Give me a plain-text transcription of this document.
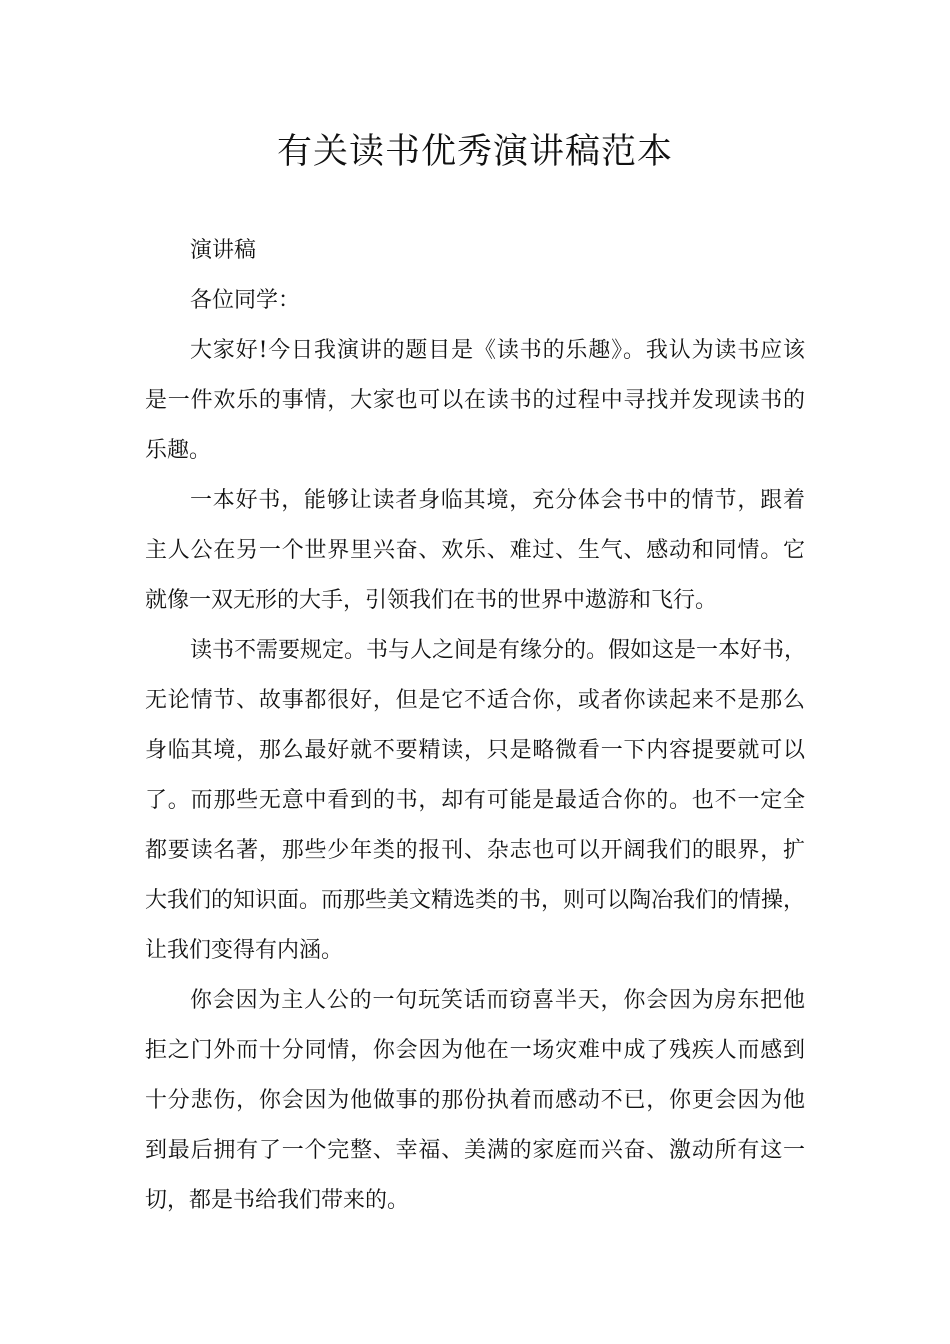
有关读书优秀演讲稿范本

演讲稿

各位同学：

大家好!今日我演讲的题目是《读书的乐趣》。我认为读书应该

是一件欢乐的事情，大家也可以在读书的过程中寻找并发现读书的

乐趣。

一本好书，能够让读者身临其境，充分体会书中的情节，跟着

主人公在另一个世界里兴奋、欢乐、难过、生气、感动和同情。它

就像一双无形的大手，引领我们在书的世界中遨游和飞行。

读书不需要规定。书与人之间是有缘分的。假如这是一本好书，

无论情节、故事都很好，但是它不适合你，或者你读起来不是那么

身临其境，那么最好就不要精读，只是略微看一下内容提要就可以

了。而那些无意中看到的书，却有可能是最适合你的。也不一定全

都要读名著，那些少年类的报刊、杂志也可以开阔我们的眼界，扩

大我们的知识面。而那些美文精选类的书，则可以陶冶我们的情操，

让我们变得有内涵。

你会因为主人公的一句玩笑话而窃喜半天，你会因为房东把他

拒之门外而十分同情，你会因为他在一场灾难中成了残疾人而感到

十分悲伤，你会因为他做事的那份执着而感动不已，你更会因为他

到最后拥有了一个完整、幸福、美满的家庭而兴奋、激动所有这一

切，都是书给我们带来的。
